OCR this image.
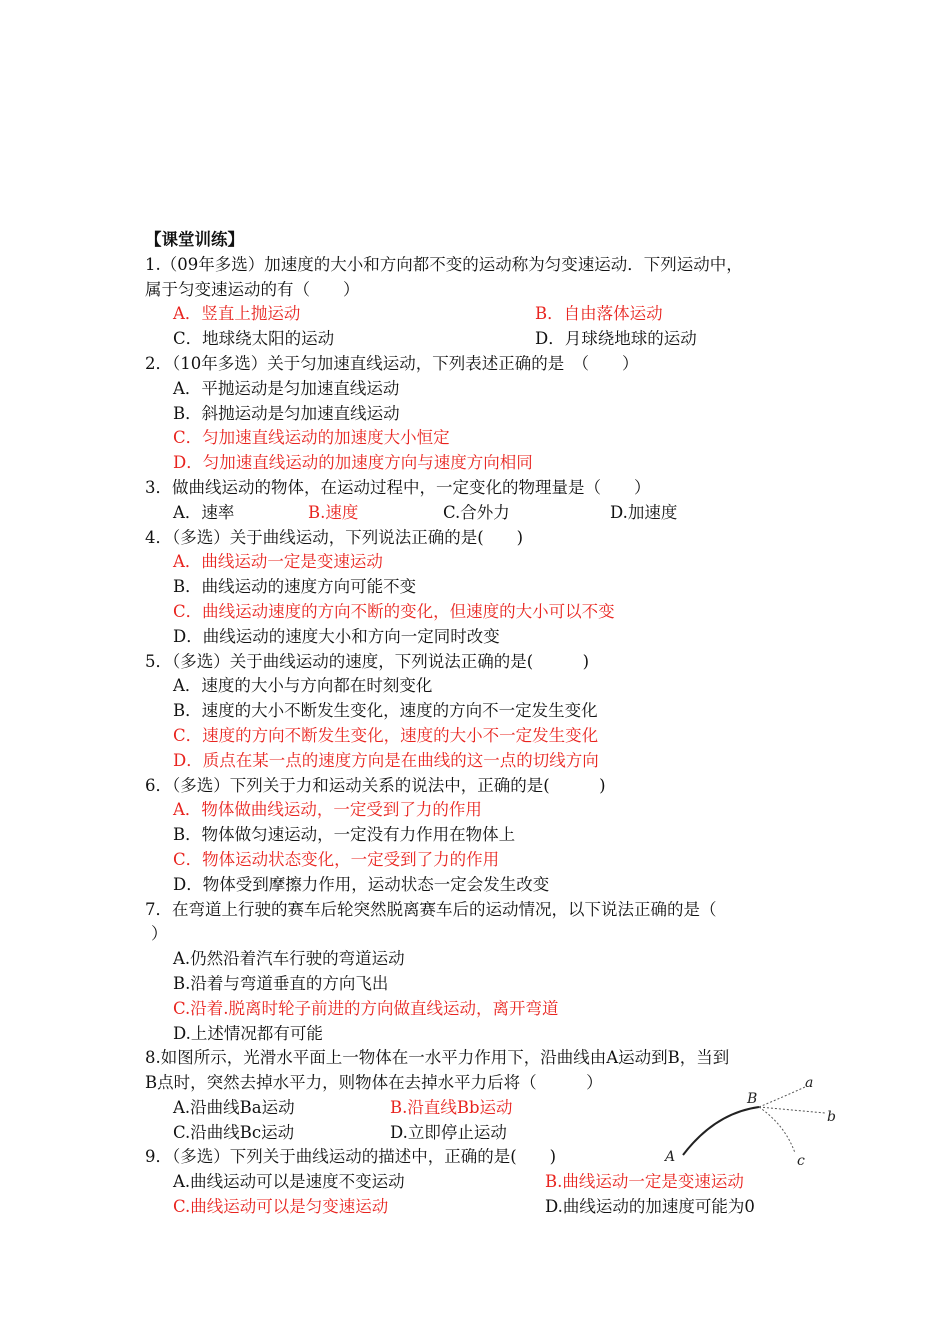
【课堂训练】
1.（09年多选）加速度的大小和方向都不变的运动称为匀变速运动．下列运动中，
属于匀变速运动的有（　　）
A．竖直上抛运动	B．自由落体运动
C．地球绕太阳的运动	D．月球绕地球的运动
2．（10年多选）关于匀加速直线运动，下列表述正确的是　（　　）
A．平抛运动是匀加速直线运动
B．斜抛运动是匀加速直线运动
C．匀加速直线运动的加速度大小恒定
D．匀加速直线运动的加速度方向与速度方向相同
3．做曲线运动的物体，在运动过程中，一定变化的物理量是（　　）
A．速率	B.速度	C.合外力	D.加速度
4．（多选）关于曲线运动，下列说法正确的是(　　)
A．曲线运动一定是变速运动
B．曲线运动的速度方向可能不变
C．曲线运动速度的方向不断的变化，但速度的大小可以不变
D．曲线运动的速度大小和方向一定同时改变
5．（多选）关于曲线运动的速度，下列说法正确的是(　　　)
A．速度的大小与方向都在时刻变化
B．速度的大小不断发生变化，速度的方向不一定发生变化
C．速度的方向不断发生变化，速度的大小不一定发生变化
D．质点在某一点的速度方向是在曲线的这一点的切线方向
6．（多选）下列关于力和运动关系的说法中，正确的是(　　　)
A．物体做曲线运动，一定受到了力的作用
B．物体做匀速运动，一定没有力作用在物体上
C．物体运动状态变化，一定受到了力的作用
D．物体受到摩擦力作用，运动状态一定会发生改变
7．在弯道上行驶的赛车后轮突然脱离赛车后的运动情况，以下说法正确的是（
）
A.仍然沿着汽车行驶的弯道运动
B.沿着与弯道垂直的方向飞出
C.沿着.脱离时轮子前进的方向做直线运动，离开弯道
D.上述情况都有可能
8.如图所示，光滑水平面上一物体在一水平力作用下，沿曲线由A运动到B，当到
B点时，突然去掉水平力，则物体在去掉水平力后将（　　　）
A.沿曲线Ba运动	B.沿直线Bb运动
C.沿曲线Bc运动	D.立即停止运动
9．（多选）下列关于曲线运动的描述中，正确的是(　　)
A.曲线运动可以是速度不变运动	B.曲线运动一定是变速运动
C.曲线运动可以是匀变速运动	D.曲线运动的加速度可能为0
A
B
a
b
c
